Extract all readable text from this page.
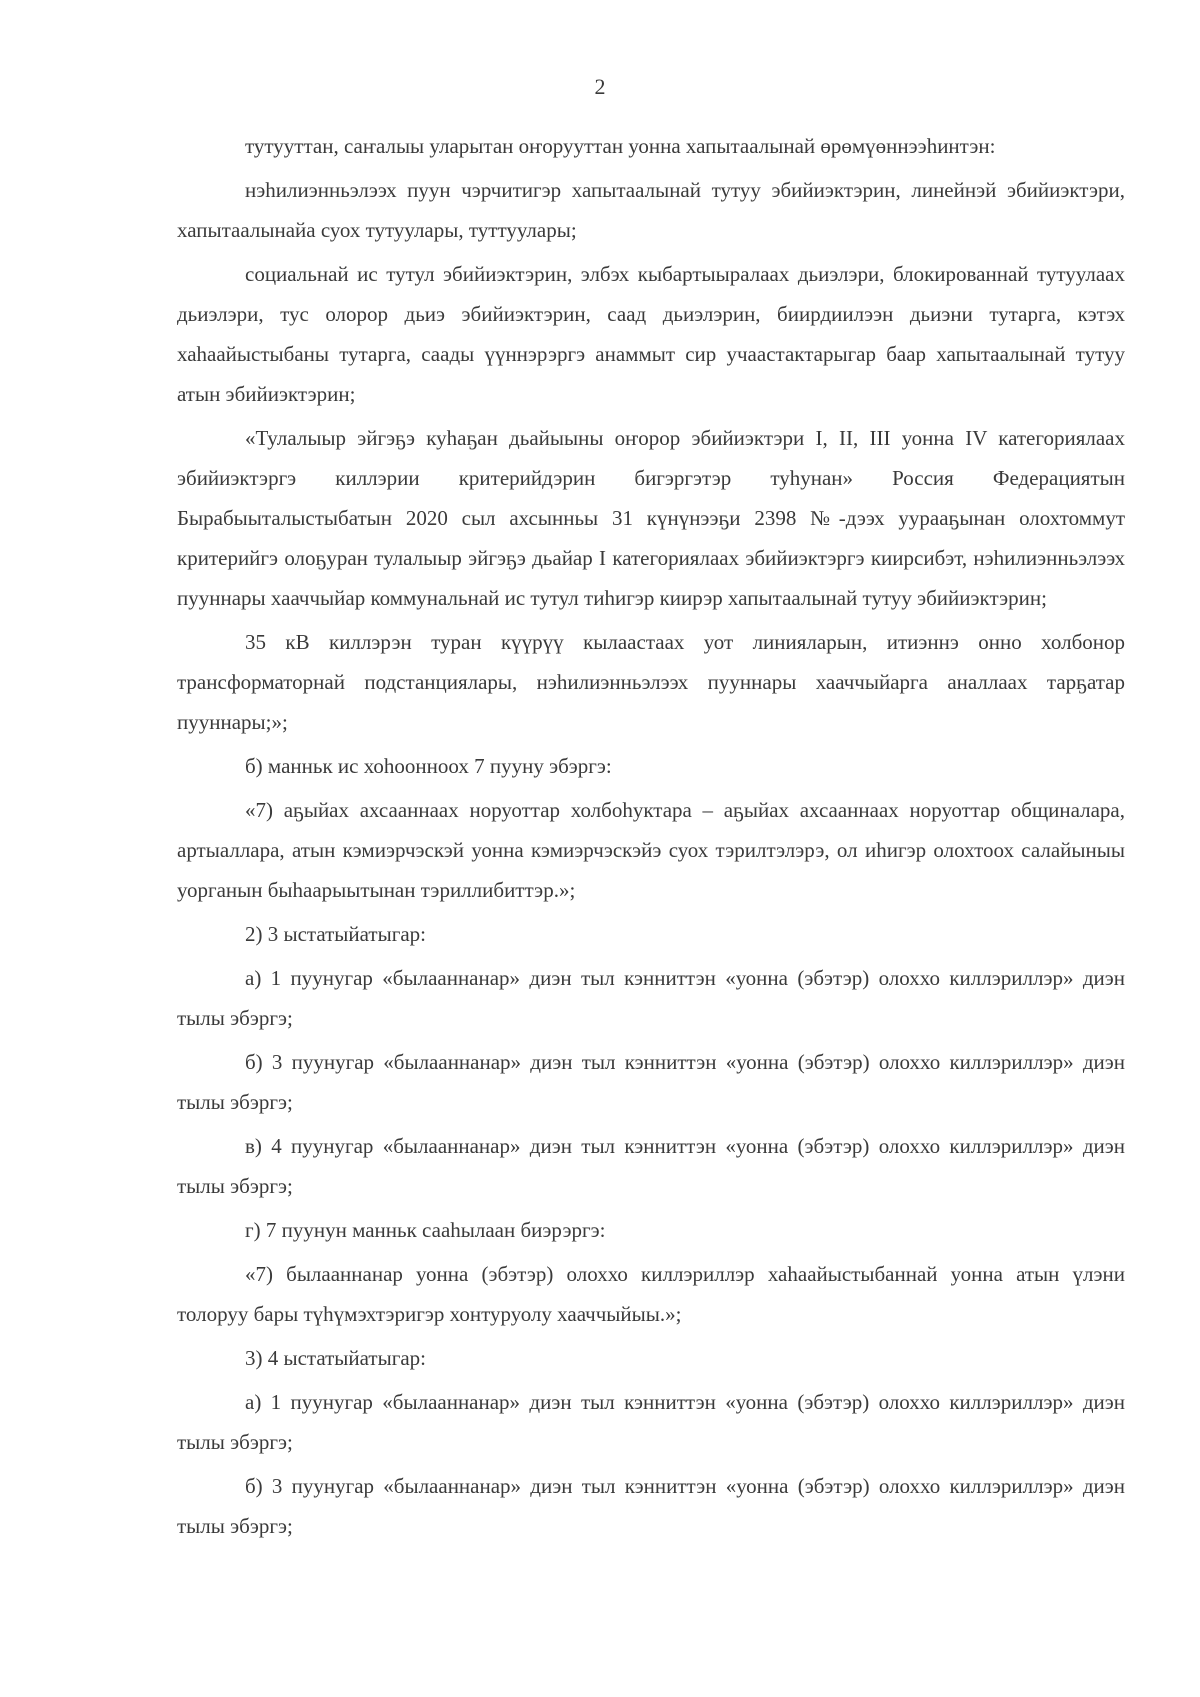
2

тутууттан, саҥалыы уларытан оҥорууттан уонна хапытаалынай өрөмүөннээһинтэн:

нэһилиэнньэлээх пуун чэрчитигэр хапытаалынай тутуу эбийиэктэрин, линейнэй эбийиэктэри, хапытаалынайа суох тутуулары, туттуулары;

социальнай ис тутул эбийиэктэрин, элбэх кыбартыыралаах дьиэлэри, блокированнай тутуулаах дьиэлэри, тус олорор дьиэ эбийиэктэрин, саад дьиэлэрин, биирдиилээн дьиэни тутарга, кэтэх хаһаайыстыбаны тутарга, саады үүннэрэргэ анаммыт сир учаастактарыгар баар хапытаалынай тутуу атын эбийиэктэрин;

«Тулалыыр эйгэҕэ куһаҕан дьайыыны оҥорор эбийиэктэри I, II, III уонна IV категориялаах эбийиэктэргэ киллэрии критерийдэрин бигэргэтэр туһунан» Россия Федерациятын Бырабыыталыстыбатын 2020 сыл ахсынньы 31 күнүнээҕи 2398 №-дээх уурааҕынан олохтоммут критерийгэ олоҕуран тулалыыр эйгэҕэ дьайар I категориялаах эбийиэктэргэ киирсибэт, нэһилиэнньэлээх пууннары хааччыйар коммунальнай ис тутул тиһигэр киирэр хапытаалынай тутуу эбийиэктэрин;

35 кВ киллэрэн туран күүрүү кылаастаах уот линияларын, итиэннэ онно холбонор трансформаторнай подстанциялары, нэһилиэнньэлээх пууннары хааччыйарга аналлаах тарҕатар пууннары;»;

б) манньк ис хоһоонноох 7 пууну эбэргэ:

«7) аҕыйах ахсааннаах норуоттар холбоһуктара – аҕыйах ахсааннаах норуоттар общиналара, артыаллара, атын кэмиэрчэскэй уонна кэмиэрчэскэйэ суох тэрилтэлэрэ, ол иһигэр олохтоох салайыныы уорганын быһаарыытынан тэриллибиттэр.»;

2) 3 ыстатыйатыгар:

а) 1 пуунугар «былааннанар» диэн тыл кэнниттэн «уонна (эбэтэр) олоххо киллэриллэр» диэн тылы эбэргэ;

б) 3 пуунугар «былааннанар» диэн тыл кэнниттэн «уонна (эбэтэр) олоххо киллэриллэр» диэн тылы эбэргэ;

в) 4 пуунугар «былааннанар» диэн тыл кэнниттэн «уонна (эбэтэр) олоххо киллэриллэр» диэн тылы эбэргэ;

г) 7 пуунун манньк сааһылаан биэрэргэ:

«7) былааннанар уонна (эбэтэр) олоххо киллэриллэр хаһаайыстыбаннай уонна атын үлэни толоруу бары түһүмэхтэригэр хонтуруолу хааччыйыы.»;

3) 4 ыстатыйатыгар:

а) 1 пуунугар «былааннанар» диэн тыл кэнниттэн «уонна (эбэтэр) олоххо киллэриллэр» диэн тылы эбэргэ;

б) 3 пуунугар «былааннанар» диэн тыл кэнниттэн «уонна (эбэтэр) олоххо киллэриллэр» диэн тылы эбэргэ;
